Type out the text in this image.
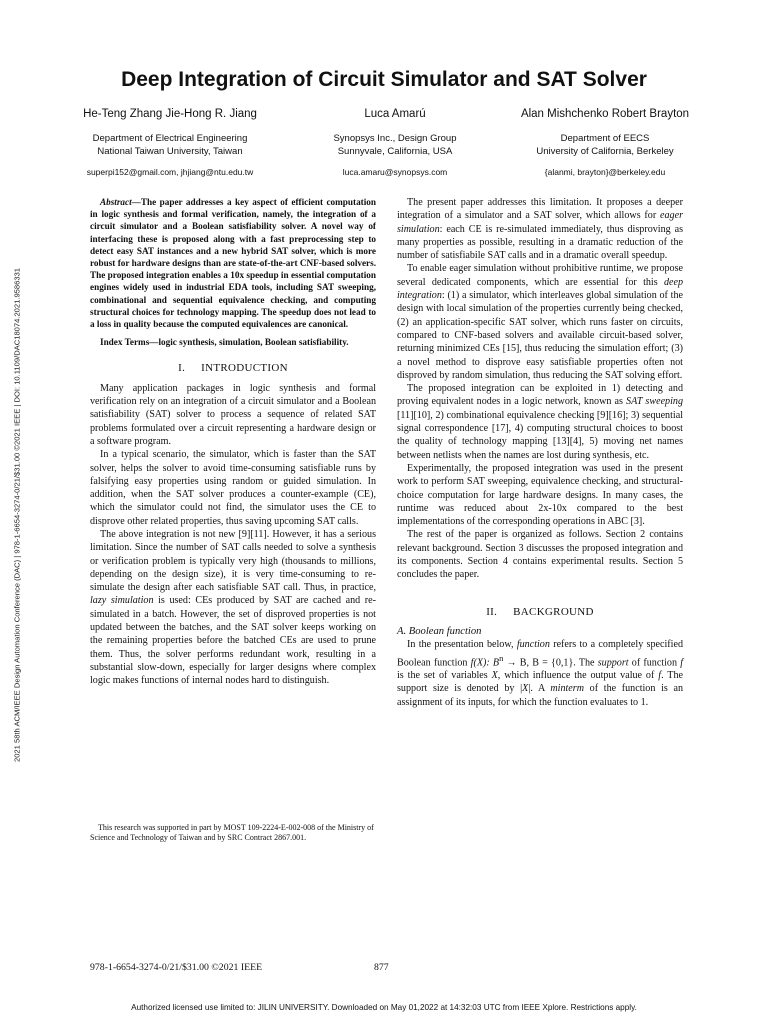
2021 58th ACM/IEEE Design Automation Conference (DAC) | 978-1-6654-3274-0/21/$31.00 ©2021 IEEE | DOI: 10.1109/DAC18074.2021.9586331
Deep Integration of Circuit Simulator and SAT Solver
He-Teng Zhang Jie-Hong R. Jiang
Department of Electrical Engineering
National Taiwan University, Taiwan
superpi152@gmail.com, jhjiang@ntu.edu.tw
Luca Amarú
Synopsys Inc., Design Group
Sunnyvale, California, USA
luca.amaru@synopsys.com
Alan Mishchenko Robert Brayton
Department of EECS
University of California, Berkeley
{alanmi, brayton}@berkeley.edu

Abstract—The paper addresses a key aspect of efficient computation in logic synthesis and formal verification, namely, the integration of a circuit simulator and a Boolean satisfiability solver. A novel way of interfacing these is proposed along with a fast preprocessing step to detect easy SAT instances and a new hybrid SAT solver, which is more robust for hardware designs than are state-of-the-art CNF-based solvers. The proposed integration enables a 10x speedup in essential computation engines widely used in industrial EDA tools, including SAT sweeping, combinational and sequential equivalence checking, and computing structural choices for technology mapping. The speedup does not lead to a loss in quality because the computed equivalences are canonical.

Index Terms—logic synthesis, simulation, Boolean satisfiability.

I. INTRODUCTION

Many application packages in logic synthesis and formal verification rely on an integration of a circuit simulator and a Boolean satisfiability (SAT) solver to process a sequence of related SAT problems formulated over a circuit representing a hardware design or a software program.

In a typical scenario, the simulator, which is faster than the SAT solver, helps the solver to avoid time-consuming satisfiable runs by falsifying easy properties using random or guided simulation. In addition, when the SAT solver produces a counter-example (CE), which the simulator could not find, the simulator uses the CE to disprove other related properties, thus saving upcoming SAT calls.

The above integration is not new [9][11]. However, it has a serious limitation. Since the number of SAT calls needed to solve a synthesis or verification problem is typically very high (thousands to millions, depending on the design size), it is very time-consuming to re-simulate the design after each satisfiable SAT call. Thus, in practice, lazy simulation is used: CEs produced by SAT are cached and re-simulated in a batch. However, the set of disproved properties is not updated between the batches, and the SAT solver keeps working on the remaining properties before the batched CEs are used to prune them. Thus, the solver performs redundant work, resulting in a substantial slow-down, especially for larger designs where complex logic makes functions of internal nodes hard to distinguish.

This research was supported in part by MOST 109-2224-E-002-008 of the Ministry of Science and Technology of Taiwan and by SRC Contract 2867.001.

The present paper addresses this limitation. It proposes a deeper integration of a simulator and a SAT solver, which allows for eager simulation: each CE is re-simulated immediately, thus disproving as many properties as possible, resulting in a dramatic reduction of the number of satisfiabile SAT calls and in a dramatic overall speedup.

To enable eager simulation without prohibitive runtime, we propose several dedicated components, which are essential for this deep integration: (1) a simulator, which interleaves global simulation of the design with local simulation of the properties currently being checked, (2) an application-specific SAT solver, which runs faster on circuits, compared to CNF-based solvers and available circuit-based solver, returning minimized CEs [15], thus reducing the simulation effort; (3) a novel method to disprove easy satisfiable properties often not disproved by random simulation, thus reducing the SAT solving effort.

The proposed integration can be exploited in 1) detecting and proving equivalent nodes in a logic network, known as SAT sweeping [11][10], 2) combinational equivalence checking [9][16]; 3) sequential signal correspondence [17], 4) computing structural choices to boost the quality of technology mapping [13][4], 5) moving net names between netlists when the names are lost during synthesis, etc.

Experimentally, the proposed integration was used in the present work to perform SAT sweeping, equivalence checking, and structural-choice computation for large hardware designs. In many cases, the runtime was reduced about 2x-10x compared to the best implementations of the corresponding operations in ABC [3].

The rest of the paper is organized as follows. Section 2 contains relevant background. Section 3 discusses the proposed integration and its components. Section 4 contains experimental results. Section 5 concludes the paper.

II. BACKGROUND

A. Boolean function

In the presentation below, function refers to a completely specified Boolean function f(X): $B^n \to B$, B = {0,1}. The support of function f is the set of variables X, which influence the output value of f. The support size is denoted by |X|. A minterm of the function is an assignment of its inputs, for which the function evaluates to 1.

978-1-6654-3274-0/21/$31.00 ©2021 IEEE	877
Authorized licensed use limited to: JILIN UNIVERSITY. Downloaded on May 01,2022 at 14:32:03 UTC from IEEE Xplore. Restrictions apply.
